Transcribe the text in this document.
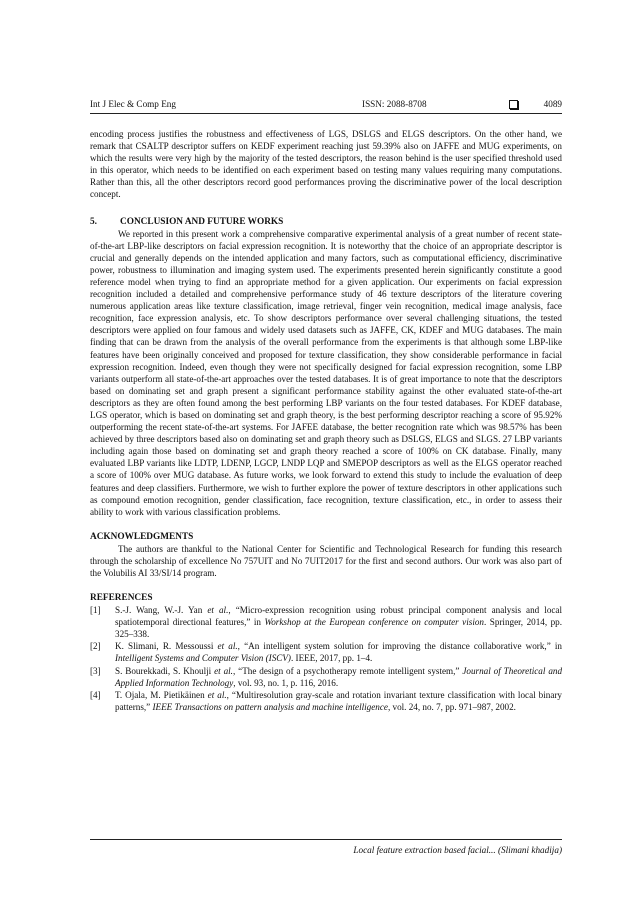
Int J Elec & Comp Eng	ISSN: 2088-8708	4089

encoding process justifies the robustness and effectiveness of LGS, DSLGS and ELGS descriptors. On the other hand, we remark that CSALTP descriptor suffers on KEDF experiment reaching just 59.39% also on JAFFE and MUG experiments, on which the results were very high by the majority of the tested descriptors, the reason behind is the user specified threshold used in this operator, which needs to be identified on each experiment based on testing many values requiring many computations. Rather than this, all the other descriptors record good performances proving the discriminative power of the local description concept.

5. CONCLUSION AND FUTURE WORKS

We reported in this present work a comprehensive comparative experimental analysis of a great number of recent state-of-the-art LBP-like descriptors on facial expression recognition. It is noteworthy that the choice of an appropriate descriptor is crucial and generally depends on the intended application and many factors, such as computational efficiency, discriminative power, robustness to illumination and imaging system used. The experiments presented herein significantly constitute a good reference model when trying to find an appropriate method for a given application. Our experiments on facial expression recognition included a detailed and comprehensive performance study of 46 texture descriptors of the literature covering numerous application areas like texture classification, image retrieval, finger vein recognition, medical image analysis, face recognition, face expression analysis, etc. To show descriptors performance over several challenging situations, the tested descriptors were applied on four famous and widely used datasets such as JAFFE, CK, KDEF and MUG databases. The main finding that can be drawn from the analysis of the overall performance from the experiments is that although some LBP-like features have been originally conceived and proposed for texture classification, they show considerable performance in facial expression recognition. Indeed, even though they were not specifically designed for facial expression recognition, some LBP variants outperform all state-of-the-art approaches over the tested databases. It is of great importance to note that the descriptors based on dominating set and graph present a significant performance stability against the other evaluated state-of-the-art descriptors as they are often found among the best performing LBP variants on the four tested databases. For KDEF database, LGS operator, which is based on dominating set and graph theory, is the best performing descriptor reaching a score of 95.92% outperforming the recent state-of-the-art systems. For JAFEE database, the better recognition rate which was 98.57% has been achieved by three descriptors based also on dominating set and graph theory such as DSLGS, ELGS and SLGS. 27 LBP variants including again those based on dominating set and graph theory reached a score of 100% on CK database. Finally, many evaluated LBP variants like LDTP, LDENP, LGCP, LNDP LQP and SMEPOP descriptors as well as the ELGS operator reached a score of 100% over MUG database. As future works, we look forward to extend this study to include the evaluation of deep features and deep classifiers. Furthermore, we wish to further explore the power of texture descriptors in other applications such as compound emotion recognition, gender classification, face recognition, texture classification, etc., in order to assess their ability to work with various classification problems.

ACKNOWLEDGMENTS

The authors are thankful to the National Center for Scientific and Technological Research for funding this research through the scholarship of excellence No 757UIT and No 7UIT2017 for the first and second authors. Our work was also part of the Volubilis AI 33/SI/14 program.

REFERENCES
[1]	S.-J. Wang, W.-J. Yan et al., “Micro-expression recognition using robust principal component analysis and local spatiotemporal directional features,” in Workshop at the European conference on computer vision. Springer, 2014, pp. 325–338.
[2]	K. Slimani, R. Messoussi et al., “An intelligent system solution for improving the distance collaborative work,” in Intelligent Systems and Computer Vision (ISCV). IEEE, 2017, pp. 1–4.
[3]	S. Bourekkadi, S. Khoulji et al., “The design of a psychotherapy remote intelligent system,” Journal of Theoretical and Applied Information Technology, vol. 93, no. 1, p. 116, 2016.
[4]	T. Ojala, M. Pietikäinen et al., “Multiresolution gray-scale and rotation invariant texture classification with local binary patterns,” IEEE Transactions on pattern analysis and machine intelligence, vol. 24, no. 7, pp. 971–987, 2002.
Local feature extraction based facial... (Slimani khadija)
